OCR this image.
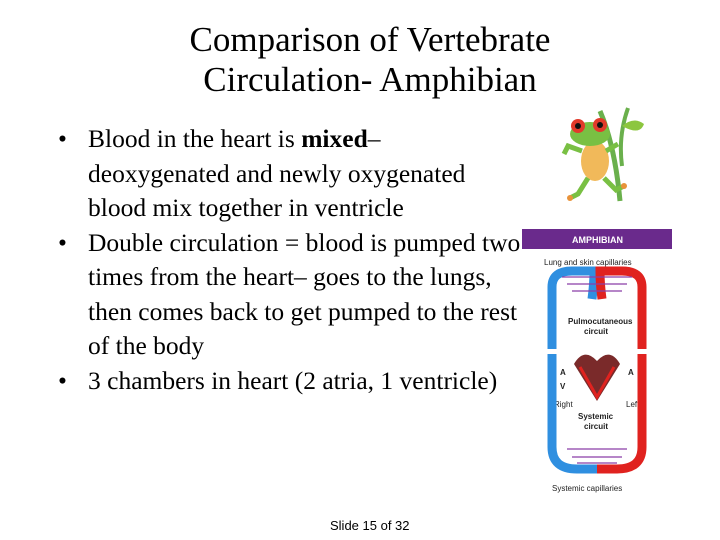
Comparison of Vertebrate
Circulation- Amphibian
• Blood in the heart is mixed– deoxygenated and newly oxygenated blood mix together in ventricle
• Double circulation = blood is pumped two times from the heart– goes to the lungs, then comes back to get pumped to the rest of the body
• 3 chambers in heart (2 atria, 1 ventricle)
AMPHIBIAN
Lung and skin capillaries
Pulmocutaneous
circuit
A	A
V
Right	Left
Systemic
circuit
Systemic capillaries
Slide 15 of 32
